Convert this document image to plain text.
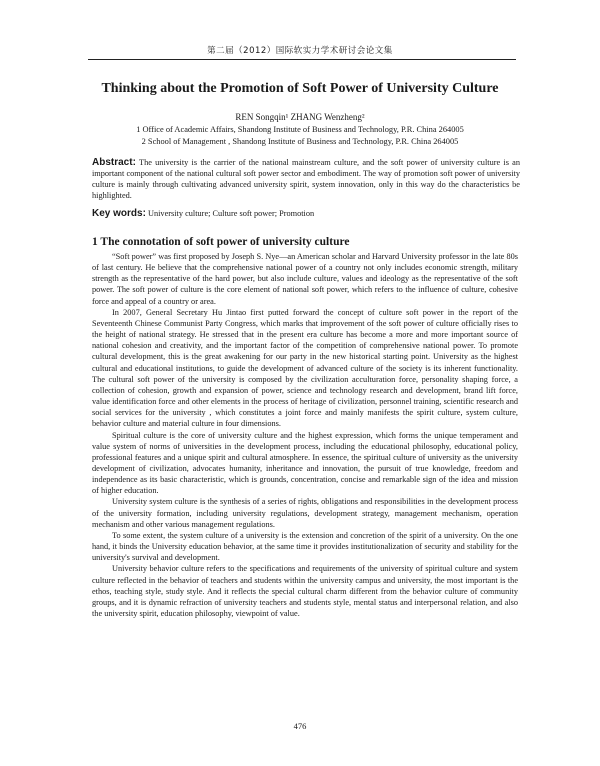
第二届（2012）国际软实力学术研讨会论文集
Thinking about the Promotion of Soft Power of University Culture
REN Songqin¹ ZHANG Wenzheng²
1 Office of Academic Affairs, Shandong Institute of Business and Technology, P.R. China 264005
2 School of Management , Shandong Institute of Business and Technology, P.R. China 264005

Abstract: The university is the carrier of the national mainstream culture, and the soft power of university culture is an important component of the national cultural soft power sector and embodiment. The way of promotion soft power of university culture is mainly through cultivating advanced university spirit, system innovation, only in this way do the characteristics be highlighted.

Key words: University culture; Culture soft power; Promotion

1 The connotation of soft power of university culture

“Soft power” was first proposed by Joseph S. Nye—an American scholar and Harvard University professor in the late 80s of last century. He believe that the comprehensive national power of a country not only includes economic strength, military strength as the representative of the hard power, but also include culture, values and ideology as the representative of the soft power. The soft power of culture is the core element of national soft power, which refers to the influence of culture, cohesive force and appeal of a country or area.

In 2007, General Secretary Hu Jintao first putted forward the concept of culture soft power in the report of the Seventeenth Chinese Communist Party Congress, which marks that improvement of the soft power of culture officially rises to the height of national strategy. He stressed that in the present era culture has become a more and more important source of national cohesion and creativity, and the important factor of the competition of comprehensive national power. To promote cultural development, this is the great awakening for our party in the new historical starting point. University as the highest cultural and educational institutions, to guide the development of advanced culture of the society is its inherent functionality. The cultural soft power of the university is composed by the civilization acculturation force, personality shaping force, a collection of cohesion, growth and expansion of power, science and technology research and development, brand lift force, value identification force and other elements in the process of heritage of civilization, personnel training, scientific research and social services for the university , which constitutes a joint force and mainly manifests the spirit culture, system culture, behavior culture and material culture in four dimensions.

Spiritual culture is the core of university culture and the highest expression, which forms the unique temperament and value system of norms of universities in the development process, including the educational philosophy, educational policy, professional features and a unique spirit and cultural atmosphere. In essence, the spiritual culture of university as the university development of civilization, advocates humanity, inheritance and innovation, the pursuit of true knowledge, freedom and independence as its basic characteristic, which is grounds, concentration, concise and remarkable sign of the idea and mission of higher education.

University system culture is the synthesis of a series of rights, obligations and responsibilities in the development process of the university formation, including university regulations, development strategy, management mechanism, operation mechanism and other various management regulations.

To some extent, the system culture of a university is the extension and concretion of the spirit of a university. On the one hand, it binds the University education behavior, at the same time it provides institutionalization of security and stability for the university's survival and development.

University behavior culture refers to the specifications and requirements of the university of spiritual culture and system culture reflected in the behavior of teachers and students within the university campus and university, the most important is the ethos, teaching style, study style. And it reflects the special cultural charm different from the behavior culture of community groups, and it is dynamic refraction of university teachers and students style, mental status and interpersonal relation, and also the university spirit, education philosophy, viewpoint of value.

476
